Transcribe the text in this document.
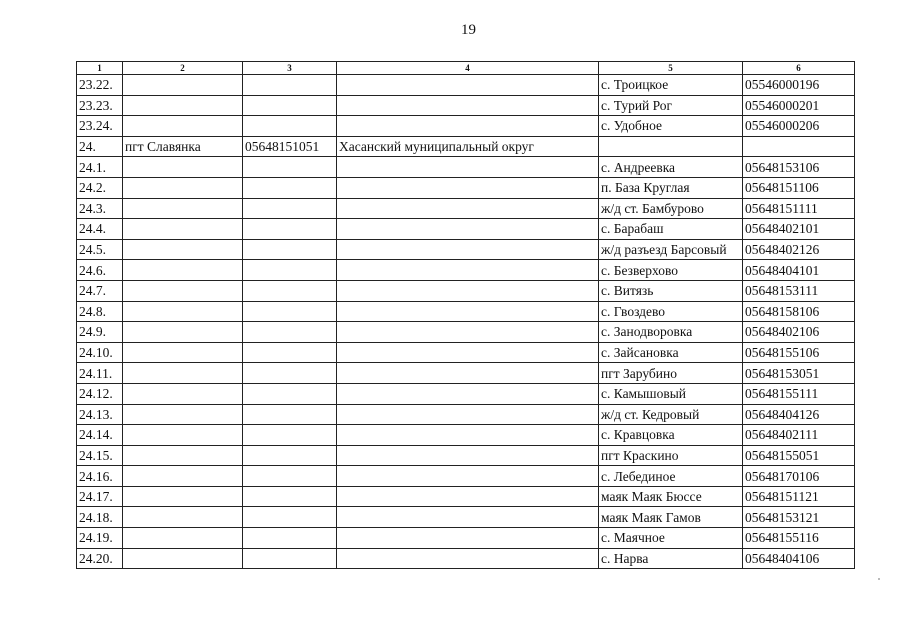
19
1	2	3	4	5	6
23.22.				с. Троицкое	05546000196
23.23.				с. Турий Рог	05546000201
23.24.				с. Удобное	05546000206
24.	пгт Славянка	05648151051	Хасанский муниципальный округ		
24.1.				с. Андреевка	05648153106
24.2.				п. База Круглая	05648151106
24.3.				ж/д ст. Бамбурово	05648151111
24.4.				с. Барабаш	05648402101
24.5.				ж/д разъезд Барсовый	05648402126
24.6.				с. Безверхово	05648404101
24.7.				с. Витязь	05648153111
24.8.				с. Гвоздево	05648158106
24.9.				с. Занодворовка	05648402106
24.10.				с. Зайсановка	05648155106
24.11.				пгт Зарубино	05648153051
24.12.				с. Камышовый	05648155111
24.13.				ж/д ст. Кедровый	05648404126
24.14.				с. Кравцовка	05648402111
24.15.				пгт Краскино	05648155051
24.16.				с. Лебединое	05648170106
24.17.				маяк Маяк Бюссе	05648151121
24.18.				маяк Маяк Гамов	05648153121
24.19.				с. Маячное	05648155116
24.20.				с. Нарва	05648404106
